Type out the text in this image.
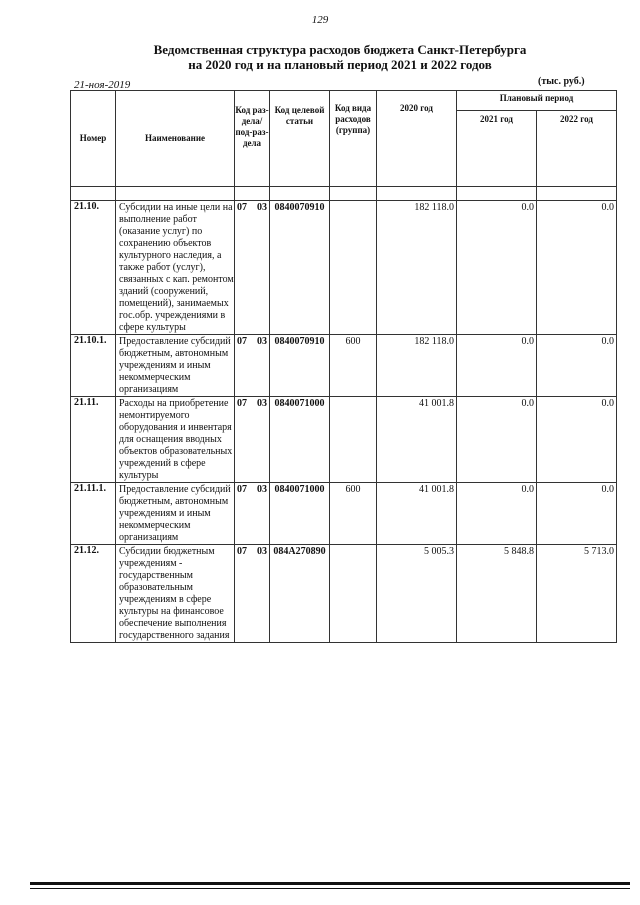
129
Ведомственная структура расходов бюджета Санкт-Петербурга
на 2020 год и на плановый период 2021 и 2022 годов
21-ноя-2019	(тыс. руб.)
Номер	Наименование	Код раз-дела/ под-раз-дела	Код целевой статьи	Код вида расходов (группа)	2020 год	Плановый период	
						2021 год	2022 год

21.10.	Субсидии на иные цели на выполнение работ (оказание услуг) по сохранению объектов культурного наследия, а также работ (услуг), связанных с кап. ремонтом зданий (сооружений, помещений), занимаемых гос.обр. учреждениями в сфере культуры	07 03	0840070910		182 118.0	0.0	0.0
21.10.1.	Предоставление субсидий бюджетным, автономным учреждениям и иным некоммерческим организациям	07 03	0840070910	600	182 118.0	0.0	0.0
21.11.	Расходы на приобретение немонтируемого оборудования и инвентаря для оснащения вводных объектов образовательных учреждений в сфере культуры	07 03	0840071000		41 001.8	0.0	0.0
21.11.1.	Предоставление субсидий бюджетным, автономным учреждениям и иным некоммерческим организациям	07 03	0840071000	600	41 001.8	0.0	0.0
21.12.	Субсидии бюджетным учреждениям - государственным образовательным учреждениям в сфере культуры на финансовое обеспечение выполнения государственного задания	07 03	084A270890		5 005.3	5 848.8	5 713.0
